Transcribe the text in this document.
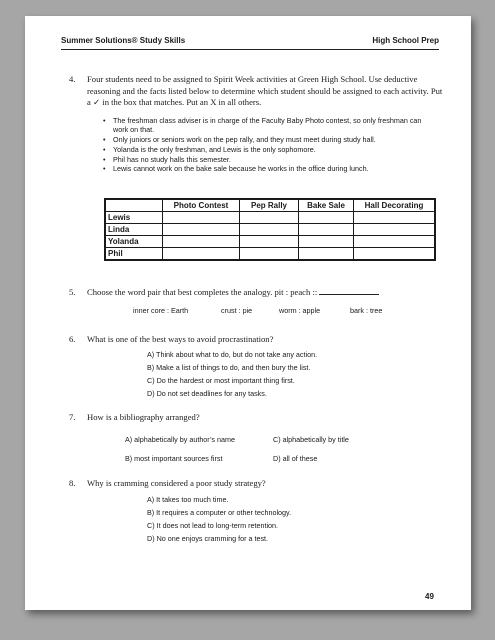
Summer Solutions® Study Skills	High School Prep
4. Four students need to be assigned to Spirit Week activities at Green High School. Use deductive reasoning and the facts listed below to determine which student should be assigned to each activity. Put a ✓ in the box that matches. Put an X in all others.
• The freshman class adviser is in charge of the Faculty Baby Photo contest, so only freshman can work on that.
• Only juniors or seniors work on the pep rally, and they must meet during study hall.
• Yolanda is the only freshman, and Lewis is the only sophomore.
• Phil has no study halls this semester.
• Lewis cannot work on the bake sale because he works in the office during lunch.
	Photo Contest	Pep Rally	Bake Sale	Hall Decorating
Lewis				
Linda				
Yolanda				
Phil				
5. Choose the word pair that best completes the analogy. pit : peach ::
inner core : Earth	crust : pie	worm : apple	bark : tree
6. What is one of the best ways to avoid procrastination?
A) Think about what to do, but do not take any action.
B) Make a list of things to do, and then bury the list.
C) Do the hardest or most important thing first.
D) Do not set deadlines for any tasks.
7. How is a bibliography arranged?
A) alphabetically by author’s name	C) alphabetically by title
B) most important sources first	D) all of these
8. Why is cramming considered a poor study strategy?
A) It takes too much time.
B) It requires a computer or other technology.
C) It does not lead to long-term retention.
D) No one enjoys cramming for a test.
49
